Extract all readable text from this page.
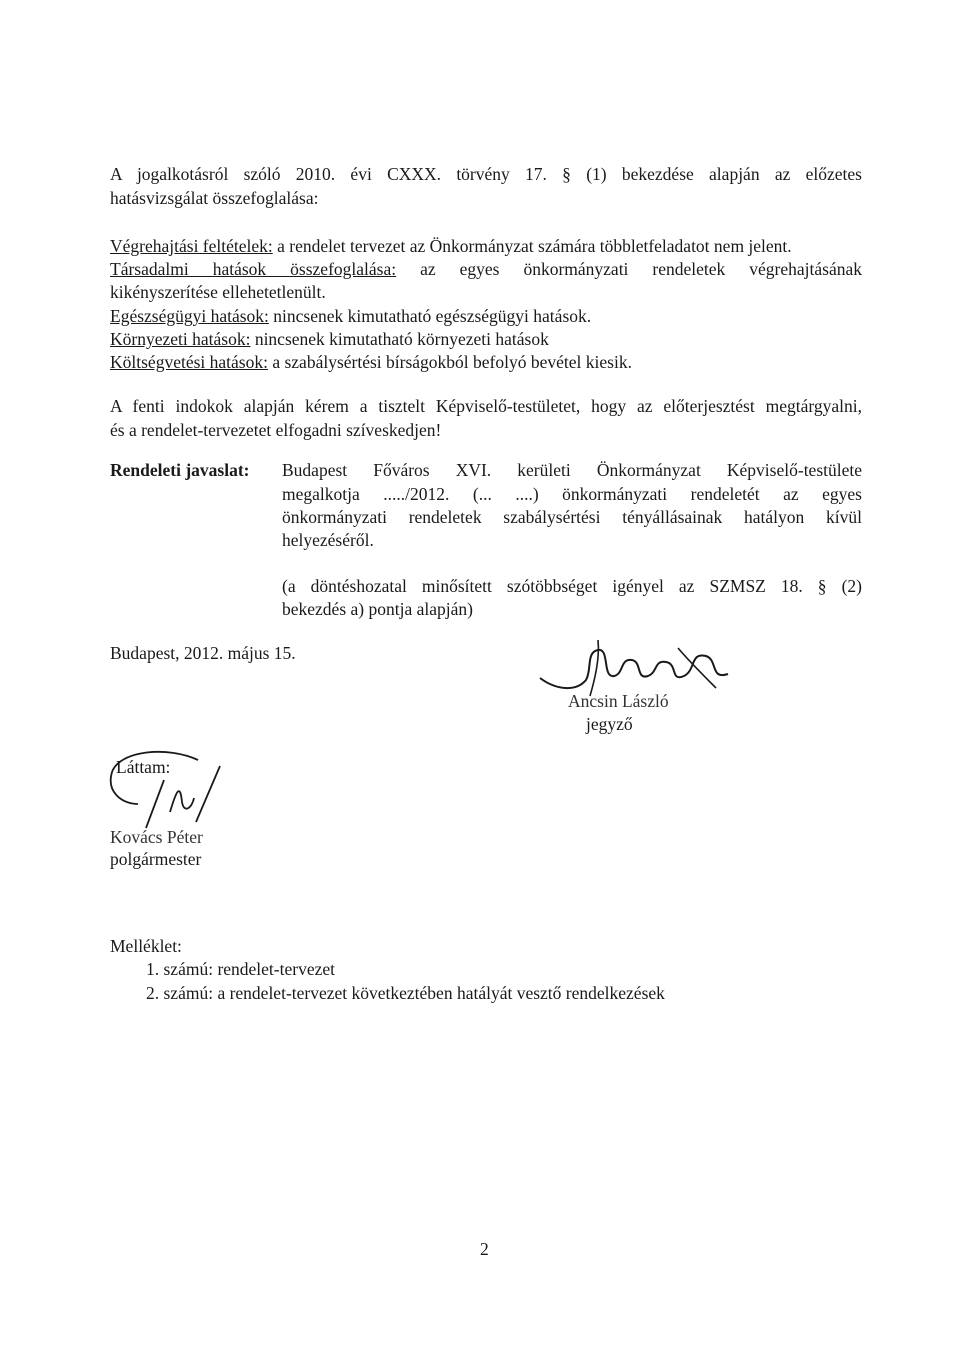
A jogalkotásról szóló 2010. évi CXXX. törvény 17. § (1) bekezdése alapján az előzetes
hatásvizsgálat összefoglalása:
Végrehajtási feltételek: a rendelet tervezet az Önkormányzat számára többletfeladatot nem jelent.
Társadalmi hatások összefoglalása: az egyes önkormányzati rendeletek végrehajtásának
kikényszerítése ellehetetlenült.
Egészségügyi hatások: nincsenek kimutatható egészségügyi hatások.
Környezeti hatások: nincsenek kimutatható környezeti hatások
Költségvetési hatások: a szabálysértési bírságokból befolyó bevétel kiesik.
A fenti indokok alapján kérem a tisztelt Képviselő-testületet, hogy az előterjesztést megtárgyalni,
és a rendelet-tervezetet elfogadni szíveskedjen!
Rendeleti javaslat: Budapest Főváros XVI. kerületi Önkormányzat Képviselő-testülete
megalkotja ...../2012. (... ....) önkormányzati rendeletét az egyes
önkormányzati rendeletek szabálysértési tényállásainak hatályon kívül
helyezéséről.
(a döntéshozatal minősített szótöbbséget igényel az SZMSZ 18. § (2)
bekezdés a) pontja alapján)
Budapest, 2012. május 15.
Ancsin László
jegyző
Láttam:
Kovács Péter
polgármester
Melléklet:
1. számú: rendelet-tervezet
2. számú: a rendelet-tervezet következtében hatályát vesztő rendelkezések
2
